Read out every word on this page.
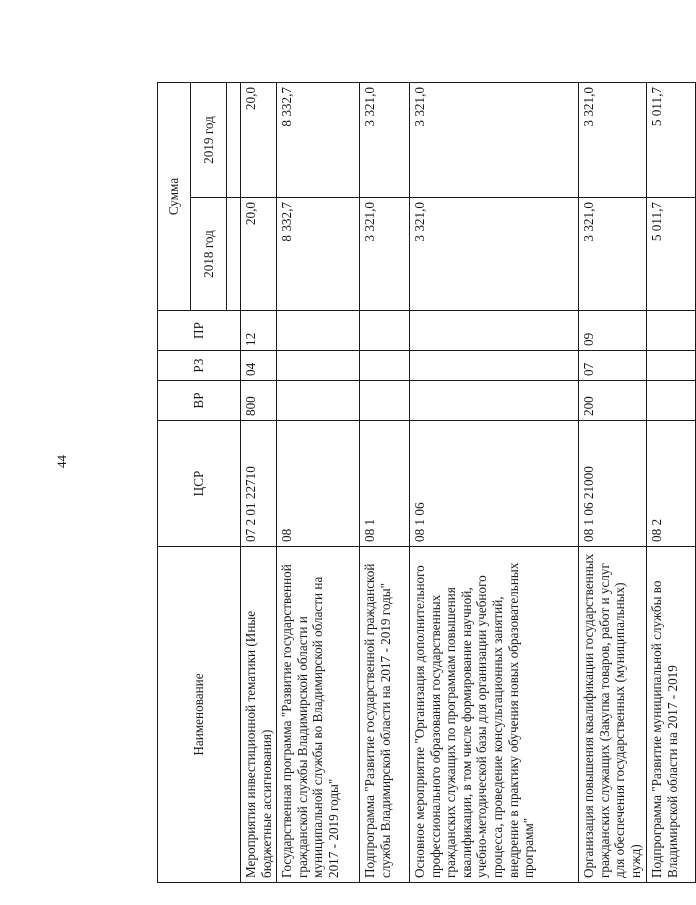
44
Наименование	ЦСР	ВР	РЗ	ПР	Сумма	
					2018 год	2019 год

Мероприятия инвестиционной тематики (Иные бюджетные ассигнования)	07 2 01 22710	800	04	12	20,0	20,0
Государственная программа "Развитие государственной гражданской службы Владимирской области и муниципальной службы во Владимирской области на 2017 - 2019 годы"	08				8 332,7	8 332,7
Подпрограмма "Развитие государственной гражданской службы Владимирской области на 2017 - 2019 годы"	08 1				3 321,0	3 321,0
Основное мероприятие "Организация дополнительного профессионального образования государственных гражданских служащих по программам повышения квалификации, в том числе формирование научной, учебно-методической базы для организации учебного процесса, проведение консультационных занятий, внедрение в практику обучения новых образовательных программ"	08 1 06				3 321,0	3 321,0
Организация повышения квалификации государственных гражданских служащих (Закупка товаров, работ и услуг для обеспечения государственных (муниципальных) нужд)	08 1 06 21000	200	07	09	3 321,0	3 321,0
Подпрограмма "Развитие муниципальной службы во Владимирской области на 2017 - 2019	08 2				5 011,7	5 011,7
